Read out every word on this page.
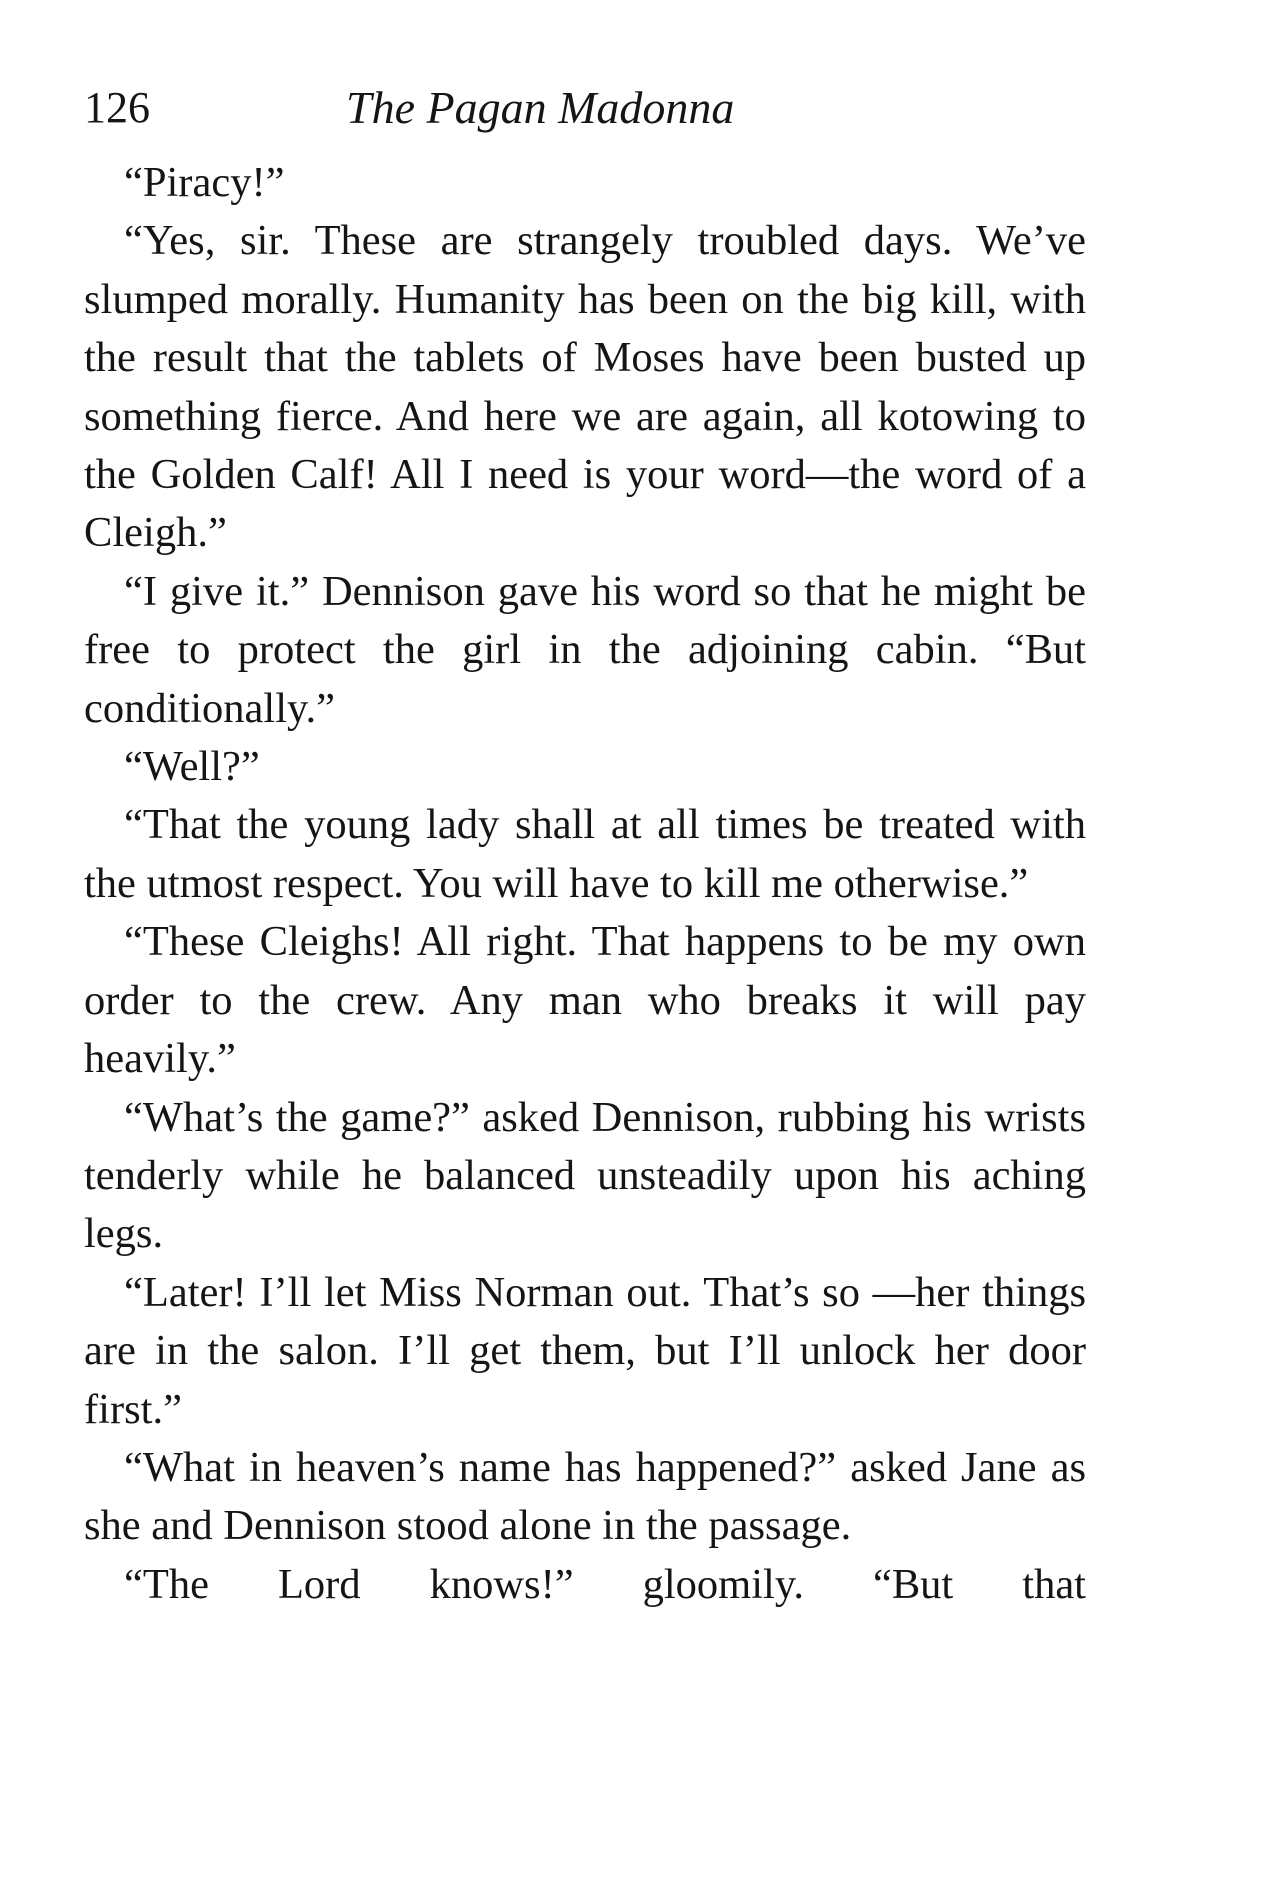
126	The Pagan Madonna

“Piracy!”

“Yes, sir. These are strangely troubled days. We’ve slumped morally. Humanity has been on the big kill, with the result that the tablets of Moses have been busted up something fierce. And here we are again, all kotowing to the Golden Calf! All I need is your word—the word of a Cleigh.”

“I give it.” Dennison gave his word so that he might be free to protect the girl in the adjoining cabin. “But conditionally.”

“Well?”

“That the young lady shall at all times be treated with the utmost respect. You will have to kill me otherwise.”

“These Cleighs! All right. That happens to be my own order to the crew. Any man who breaks it will pay heavily.”

“What’s the game?” asked Dennison, rubbing his wrists tenderly while he balanced unsteadily upon his aching legs.

“Later! I’ll let Miss Norman out. That’s so —her things are in the salon. I’ll get them, but I’ll unlock her door first.”

“What in heaven’s name has happened?” asked Jane as she and Dennison stood alone in the passage.

“The Lord knows!” gloomily. “But that
